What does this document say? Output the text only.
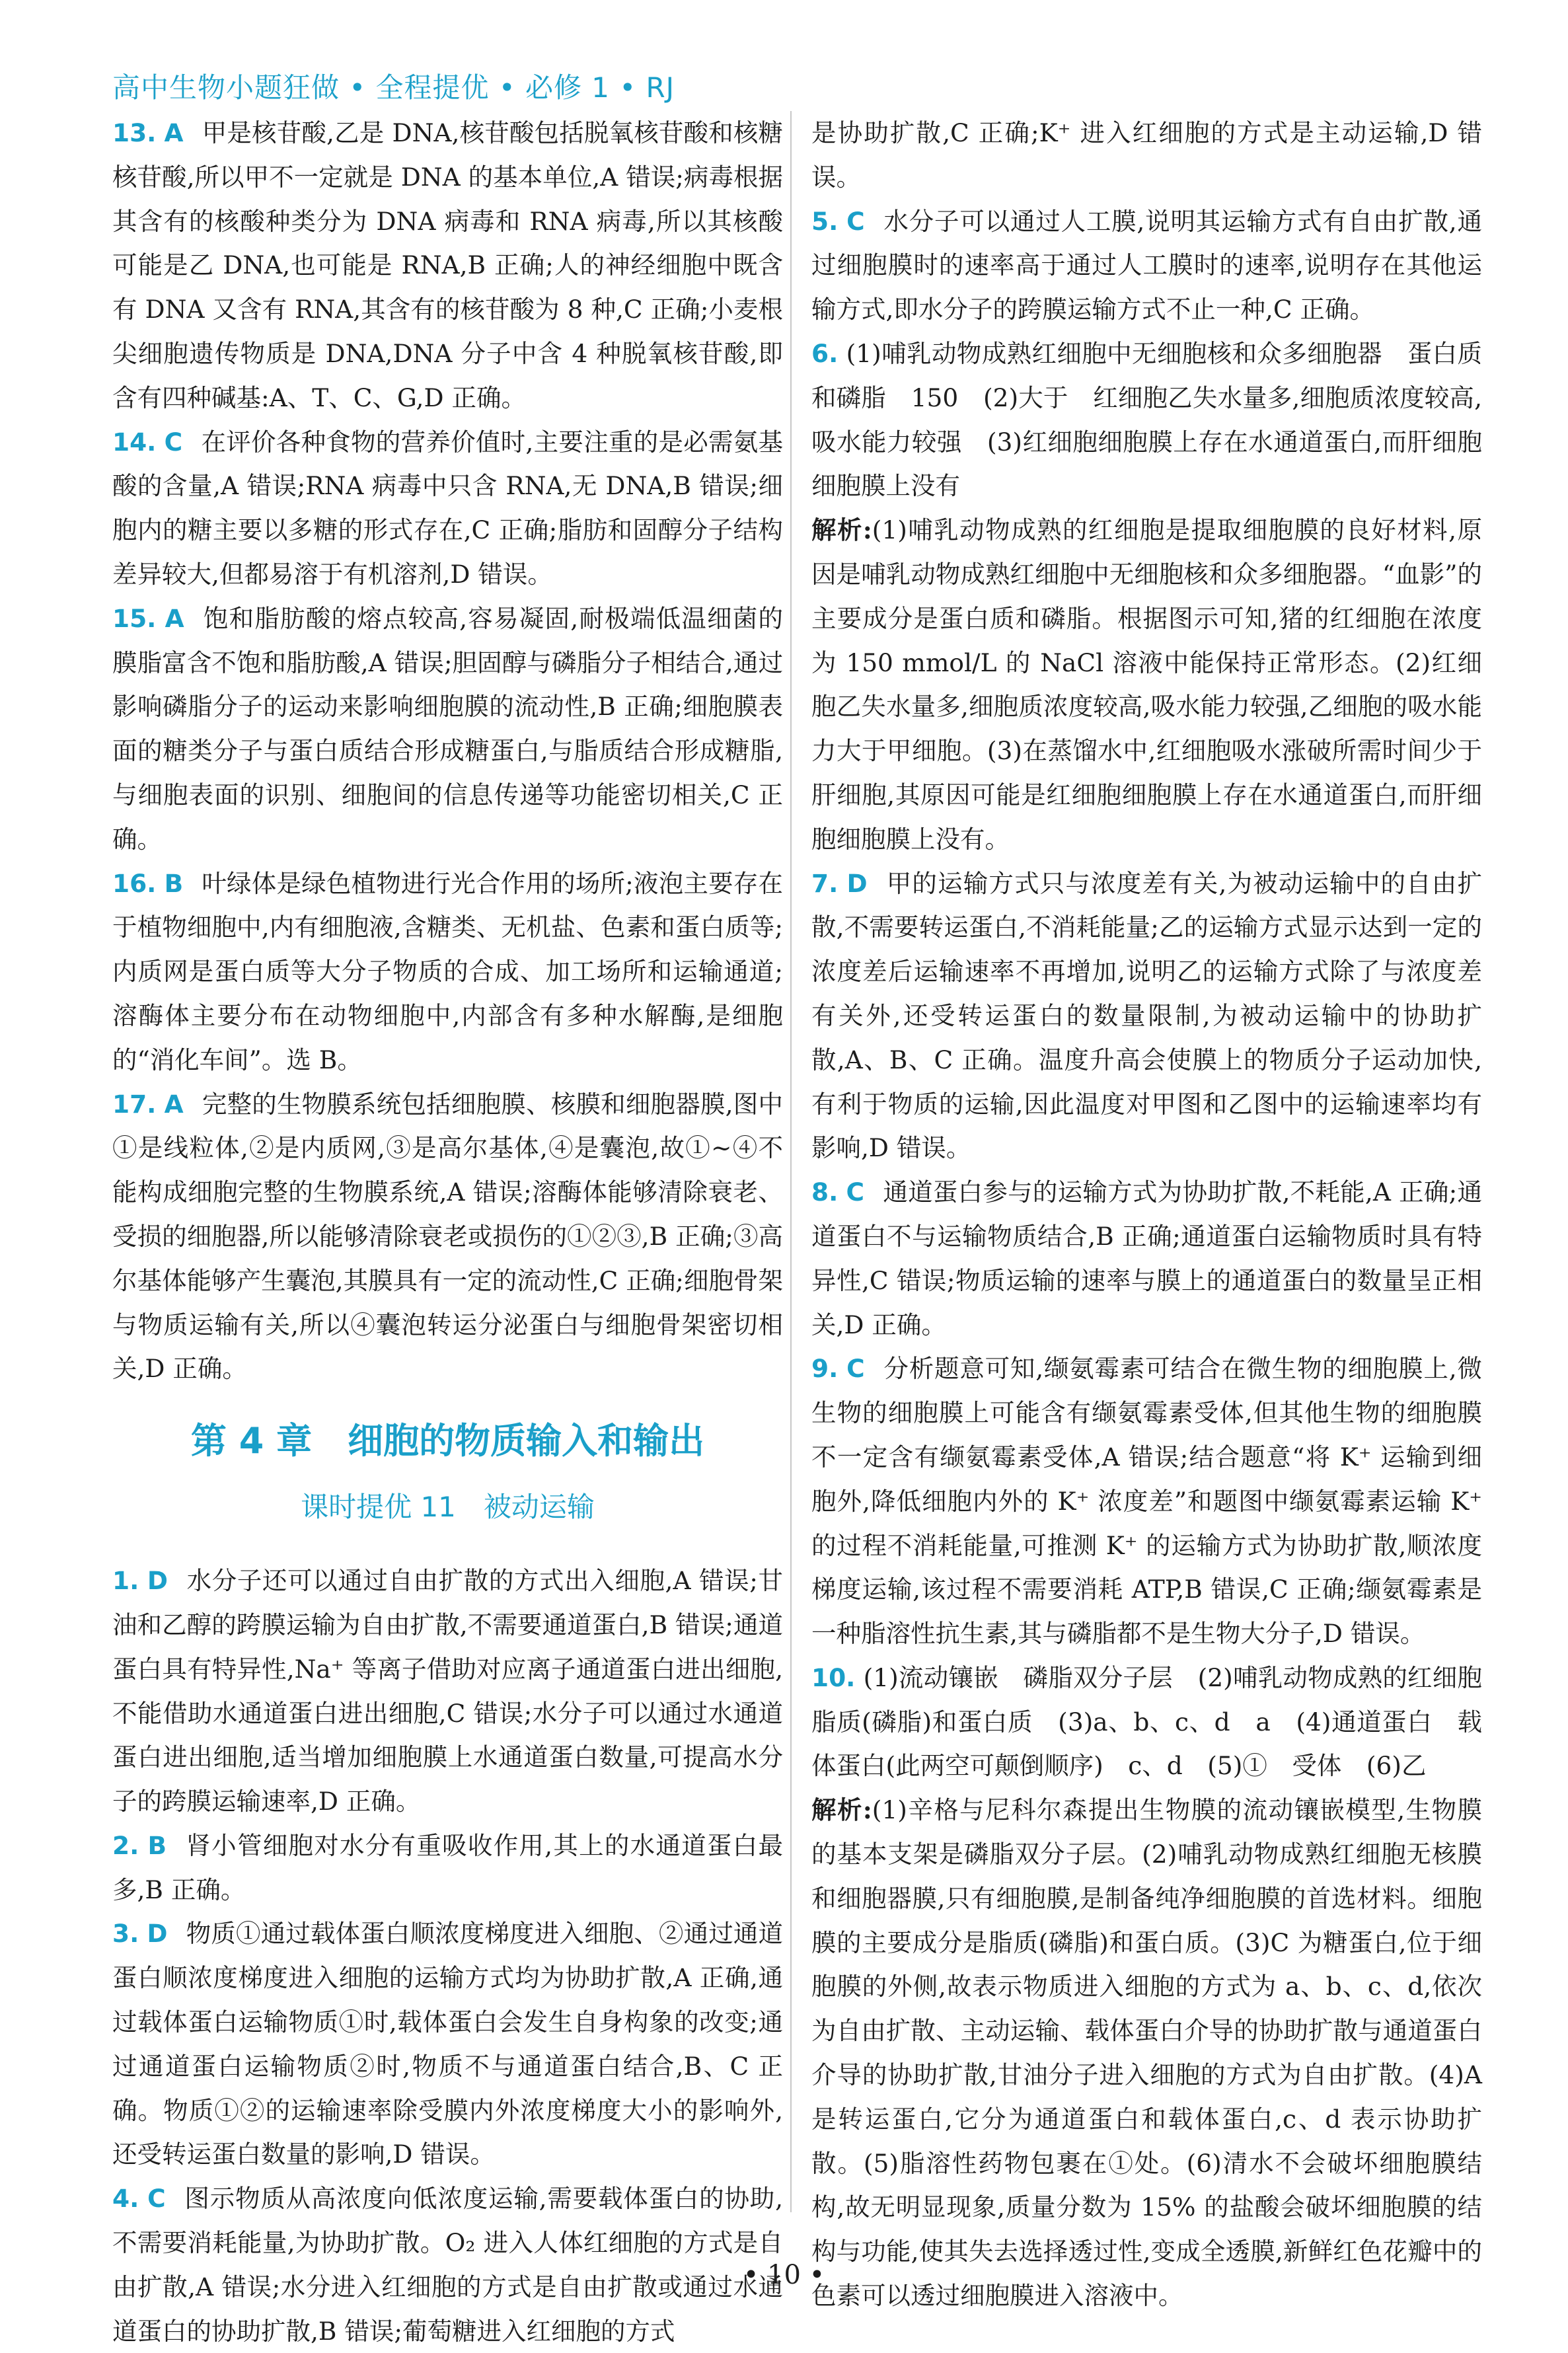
高中生物小题狂做 • 全程提优 • 必修 1 • RJ

13. A 甲是核苷酸,乙是 DNA,核苷酸包括脱氧核苷酸和核糖核苷酸,所以甲不一定就是 DNA 的基本单位,A 错误;病毒根据其含有的核酸种类分为 DNA 病毒和 RNA 病毒,所以其核酸可能是乙 DNA,也可能是 RNA,B 正确;人的神经细胞中既含有 DNA 又含有 RNA,其含有的核苷酸为 8 种,C 正确;小麦根尖细胞遗传物质是 DNA,DNA 分子中含 4 种脱氧核苷酸,即含有四种碱基:A、T、C、G,D 正确。

14. C 在评价各种食物的营养价值时,主要注重的是必需氨基酸的含量,A 错误;RNA 病毒中只含 RNA,无 DNA,B 错误;细胞内的糖主要以多糖的形式存在,C 正确;脂肪和固醇分子结构差异较大,但都易溶于有机溶剂,D 错误。

15. A 饱和脂肪酸的熔点较高,容易凝固,耐极端低温细菌的膜脂富含不饱和脂肪酸,A 错误;胆固醇与磷脂分子相结合,通过影响磷脂分子的运动来影响细胞膜的流动性,B 正确;细胞膜表面的糖类分子与蛋白质结合形成糖蛋白,与脂质结合形成糖脂,与细胞表面的识别、细胞间的信息传递等功能密切相关,C 正确。

16. B 叶绿体是绿色植物进行光合作用的场所;液泡主要存在于植物细胞中,内有细胞液,含糖类、无机盐、色素和蛋白质等;内质网是蛋白质等大分子物质的合成、加工场所和运输通道;溶酶体主要分布在动物细胞中,内部含有多种水解酶,是细胞的“消化车间”。选 B。

17. A 完整的生物膜系统包括细胞膜、核膜和细胞器膜,图中①是线粒体,②是内质网,③是高尔基体,④是囊泡,故①~④不能构成细胞完整的生物膜系统,A 错误;溶酶体能够清除衰老、受损的细胞器,所以能够清除衰老或损伤的①②③,B 正确;③高尔基体能够产生囊泡,其膜具有一定的流动性,C 正确;细胞骨架与物质运输有关,所以④囊泡转运分泌蛋白与细胞骨架密切相关,D 正确。

第 4 章　细胞的物质输入和输出
课时提优 11　被动运输

1. D 水分子还可以通过自由扩散的方式出入细胞,A 错误;甘油和乙醇的跨膜运输为自由扩散,不需要通道蛋白,B 错误;通道蛋白具有特异性,Na⁺ 等离子借助对应离子通道蛋白进出细胞,不能借助水通道蛋白进出细胞,C 错误;水分子可以通过水通道蛋白进出细胞,适当增加细胞膜上水通道蛋白数量,可提高水分子的跨膜运输速率,D 正确。

2. B 肾小管细胞对水分有重吸收作用,其上的水通道蛋白最多,B 正确。

3. D 物质①通过载体蛋白顺浓度梯度进入细胞、②通过通道蛋白顺浓度梯度进入细胞的运输方式均为协助扩散,A 正确,通过载体蛋白运输物质①时,载体蛋白会发生自身构象的改变;通过通道蛋白运输物质②时,物质不与通道蛋白结合,B、C 正确。物质①②的运输速率除受膜内外浓度梯度大小的影响外,还受转运蛋白数量的影响,D 错误。

4. C 图示物质从高浓度向低浓度运输,需要载体蛋白的协助,不需要消耗能量,为协助扩散。O₂ 进入人体红细胞的方式是自由扩散,A 错误;水分进入红细胞的方式是自由扩散或通过水通道蛋白的协助扩散,B 错误;葡萄糖进入红细胞的方式

是协助扩散,C 正确;K⁺ 进入红细胞的方式是主动运输,D 错误。

5. C 水分子可以通过人工膜,说明其运输方式有自由扩散,通过细胞膜时的速率高于通过人工膜时的速率,说明存在其他运输方式,即水分子的跨膜运输方式不止一种,C 正确。

6. (1)哺乳动物成熟红细胞中无细胞核和众多细胞器　蛋白质和磷脂　150　(2)大于　红细胞乙失水量多,细胞质浓度较高,吸水能力较强　(3)红细胞细胞膜上存在水通道蛋白,而肝细胞细胞膜上没有

解析:(1)哺乳动物成熟的红细胞是提取细胞膜的良好材料,原因是哺乳动物成熟红细胞中无细胞核和众多细胞器。“血影”的主要成分是蛋白质和磷脂。根据图示可知,猪的红细胞在浓度为 150 mmol/L 的 NaCl 溶液中能保持正常形态。(2)红细胞乙失水量多,细胞质浓度较高,吸水能力较强,乙细胞的吸水能力大于甲细胞。(3)在蒸馏水中,红细胞吸水涨破所需时间少于肝细胞,其原因可能是红细胞细胞膜上存在水通道蛋白,而肝细胞细胞膜上没有。

7. D 甲的运输方式只与浓度差有关,为被动运输中的自由扩散,不需要转运蛋白,不消耗能量;乙的运输方式显示达到一定的浓度差后运输速率不再增加,说明乙的运输方式除了与浓度差有关外,还受转运蛋白的数量限制,为被动运输中的协助扩散,A、B、C 正确。温度升高会使膜上的物质分子运动加快,有利于物质的运输,因此温度对甲图和乙图中的运输速率均有影响,D 错误。

8. C 通道蛋白参与的运输方式为协助扩散,不耗能,A 正确;通道蛋白不与运输物质结合,B 正确;通道蛋白运输物质时具有特异性,C 错误;物质运输的速率与膜上的通道蛋白的数量呈正相关,D 正确。

9. C 分析题意可知,缬氨霉素可结合在微生物的细胞膜上,微生物的细胞膜上可能含有缬氨霉素受体,但其他生物的细胞膜不一定含有缬氨霉素受体,A 错误;结合题意“将 K⁺ 运输到细胞外,降低细胞内外的 K⁺ 浓度差”和题图中缬氨霉素运输 K⁺ 的过程不消耗能量,可推测 K⁺ 的运输方式为协助扩散,顺浓度梯度运输,该过程不需要消耗 ATP,B 错误,C 正确;缬氨霉素是一种脂溶性抗生素,其与磷脂都不是生物大分子,D 错误。

10. (1)流动镶嵌　磷脂双分子层　(2)哺乳动物成熟的红细胞　脂质(磷脂)和蛋白质　(3)a、b、c、d　a　(4)通道蛋白　载体蛋白(此两空可颠倒顺序)　c、d　(5)①　受体　(6)乙

解析:(1)辛格与尼科尔森提出生物膜的流动镶嵌模型,生物膜的基本支架是磷脂双分子层。(2)哺乳动物成熟红细胞无核膜和细胞器膜,只有细胞膜,是制备纯净细胞膜的首选材料。细胞膜的主要成分是脂质(磷脂)和蛋白质。(3)C 为糖蛋白,位于细胞膜的外侧,故表示物质进入细胞的方式为 a、b、c、d,依次为自由扩散、主动运输、载体蛋白介导的协助扩散与通道蛋白介导的协助扩散,甘油分子进入细胞的方式为自由扩散。(4)A 是转运蛋白,它分为通道蛋白和载体蛋白,c、d 表示协助扩散。(5)脂溶性药物包裹在①处。(6)清水不会破坏细胞膜结构,故无明显现象,质量分数为 15% 的盐酸会破坏细胞膜的结构与功能,使其失去选择透过性,变成全透膜,新鲜红色花瓣中的色素可以透过细胞膜进入溶液中。

• 10 •
